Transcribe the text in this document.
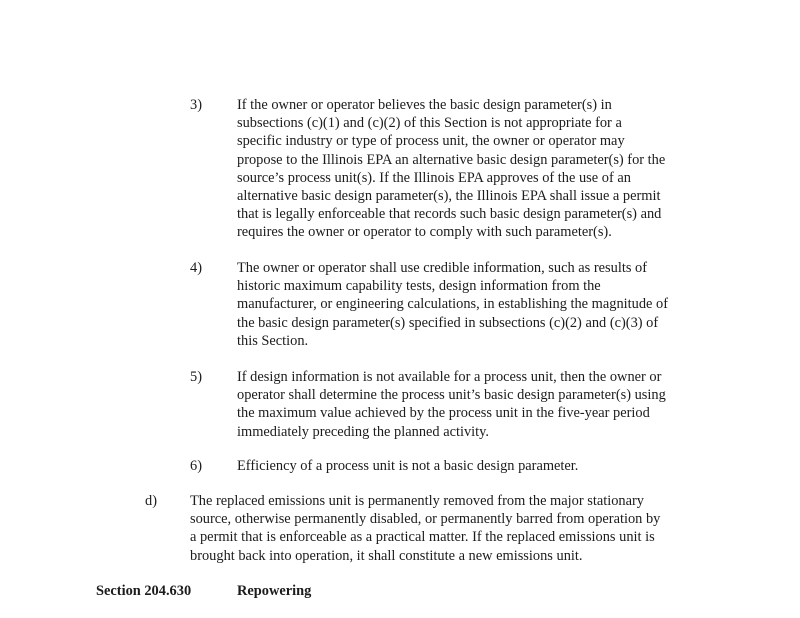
3) If the owner or operator believes the basic design parameter(s) in
subsections (c)(1) and (c)(2) of this Section is not appropriate for a
specific industry or type of process unit, the owner or operator may
propose to the Illinois EPA an alternative basic design parameter(s) for the
source’s process unit(s). If the Illinois EPA approves of the use of an
alternative basic design parameter(s), the Illinois EPA shall issue a permit
that is legally enforceable that records such basic design parameter(s) and
requires the owner or operator to comply with such parameter(s).
4) The owner or operator shall use credible information, such as results of
historic maximum capability tests, design information from the
manufacturer, or engineering calculations, in establishing the magnitude of
the basic design parameter(s) specified in subsections (c)(2) and (c)(3) of
this Section.
5) If design information is not available for a process unit, then the owner or
operator shall determine the process unit’s basic design parameter(s) using
the maximum value achieved by the process unit in the five-year period
immediately preceding the planned activity.
6) Efficiency of a process unit is not a basic design parameter.
d) The replaced emissions unit is permanently removed from the major stationary
source, otherwise permanently disabled, or permanently barred from operation by
a permit that is enforceable as a practical matter. If the replaced emissions unit is
brought back into operation, it shall constitute a new emissions unit.
Section 204.630	Repowering
